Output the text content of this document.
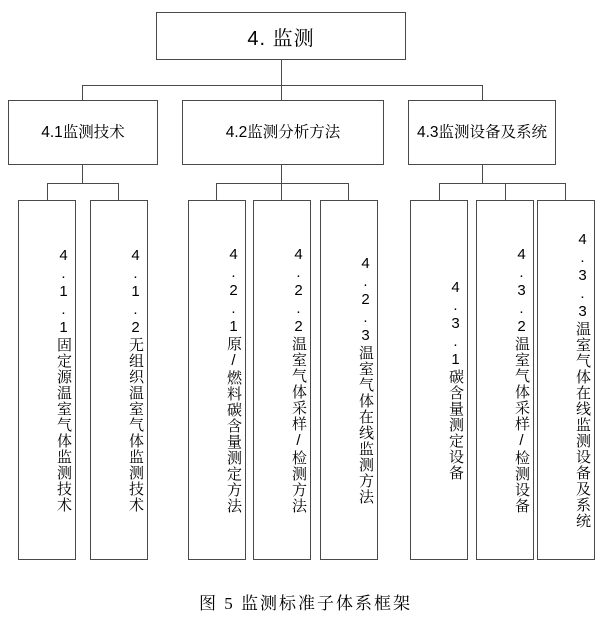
4. 监测
4.1监测技术	4.2监测分析方法	4.3监测设备及系统
4.1.1固定源温室气体监测技术	4.1.2无组织温室气体监测技术	4.2.1原/燃料碳含量测定方法	4.2.2温室气体采样/检测方法	4.2.3温室气体在线监测方法	4.3.1碳含量测定设备	4.3.2温室气体采样/检测设备	4.3.3温室气体在线监测设备及系统
图 5 监测标准子体系框架
